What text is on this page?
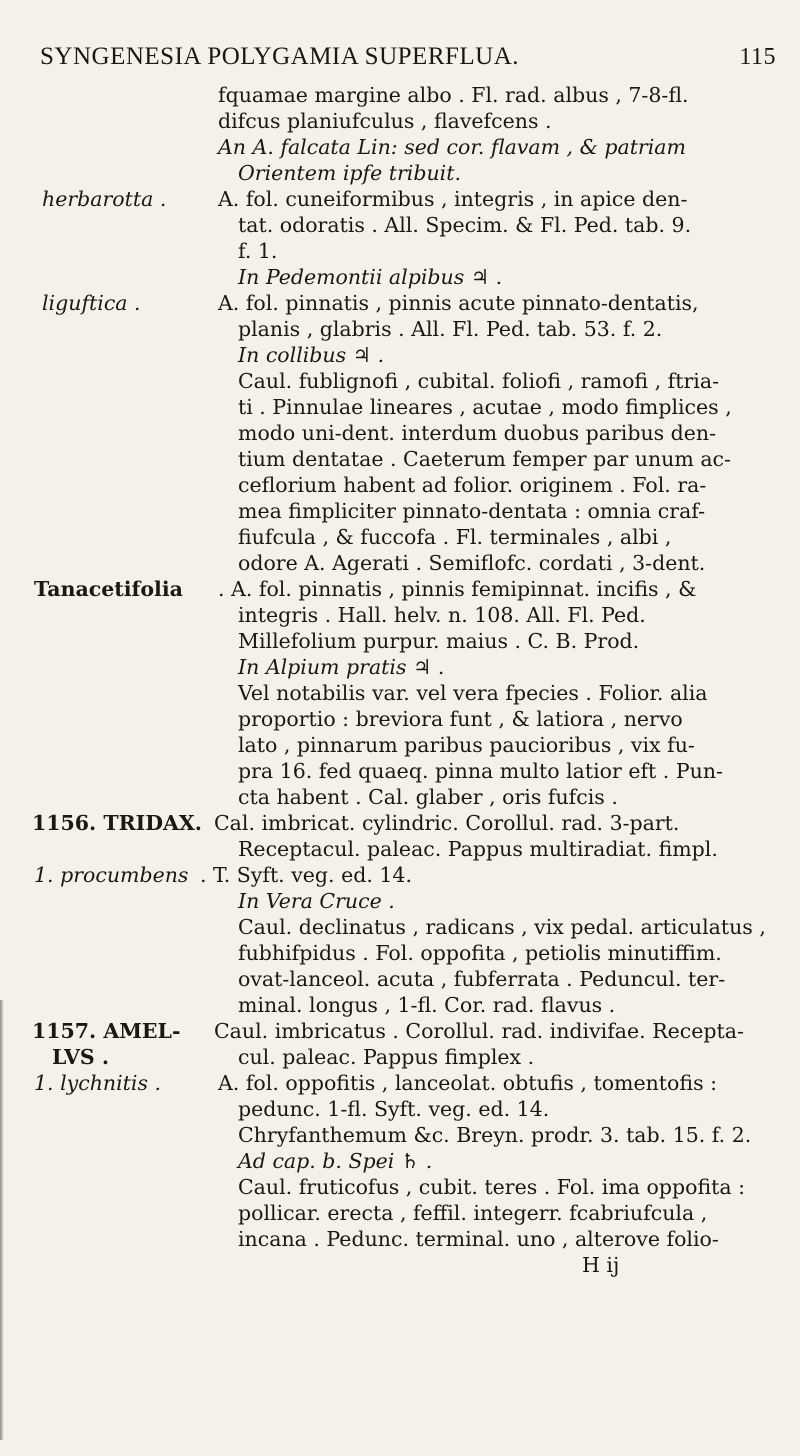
SYNGENESIA POLYGAMIA SUPERFLUA.	115
fquamae margine albo . Fl. rad. albus , 7-8-fl.
difcus planiufculus , flavefcens .
An A. falcata Lin: sed cor. flavam , & patriam
Orientem ipfe tribuit.
herbarotta .	A. fol. cuneiformibus , integris , in apice den-
tat. odoratis . All. Specim. & Fl. Ped. tab. 9.
f. 1.
In Pedemontii alpibus ♃ .
liguftica .	A. fol. pinnatis , pinnis acute pinnato-dentatis,
planis , glabris . All. Fl. Ped. tab. 53. f. 2.
In collibus ♃ .
Caul. fublignofi , cubital. foliofi , ramofi , ftria-
ti . Pinnulae lineares , acutae , modo fimplices ,
modo uni-dent. interdum duobus paribus den-
tium dentatae . Caeterum femper par unum ac-
ceflorium habent ad folior. originem . Fol. ra-
mea fimpliciter pinnato-dentata : omnia craf-
fiufcula , & fuccofa . Fl. terminales , albi ,
odore A. Agerati . Semiflofc. cordati , 3-dent.
Tanacetifolia . A. fol. pinnatis , pinnis femipinnat. incifis , &
integris . Hall. helv. n. 108. All. Fl. Ped.
Millefolium purpur. maius . C. B. Prod.
In Alpium pratis ♃ .
Vel notabilis var. vel vera fpecies . Folior. alia
proportio : breviora funt , & latiora , nervo
lato , pinnarum paribus paucioribus , vix fu-
pra 16. fed quaeq. pinna multo latior eft . Pun-
cta habent . Cal. glaber , oris fufcis .
1156. TRIDAX. Cal. imbricat. cylindric. Corollul. rad. 3-part.
Receptacul. paleac. Pappus multiradiat. fimpl.
1. procumbens . T. Syft. veg. ed. 14.
In Vera Cruce .
Caul. declinatus , radicans , vix pedal. articulatus ,
fubhifpidus . Fol. oppofita , petiolis minutiffim.
ovat-lanceol. acuta , fubferrata . Peduncul. ter-
minal. longus , 1-fl. Cor. rad. flavus .
1157. AMEL-
LVS .
Caul. imbricatus . Corollul. rad. indivifae. Recepta-
cul. paleac. Pappus fimplex .
1. lychnitis .	A. fol. oppofitis , lanceolat. obtufis , tomentofis :
pedunc. 1-fl. Syft. veg. ed. 14.
Chryfanthemum &c. Breyn. prodr. 3. tab. 15. f. 2.
Ad cap. b. Spei ♄ .
Caul. fruticofus , cubit. teres . Fol. ima oppofita :
pollicar. erecta , feffil. integerr. fcabriufcula ,
incana . Pedunc. terminal. uno , alterove folio-
H ij
